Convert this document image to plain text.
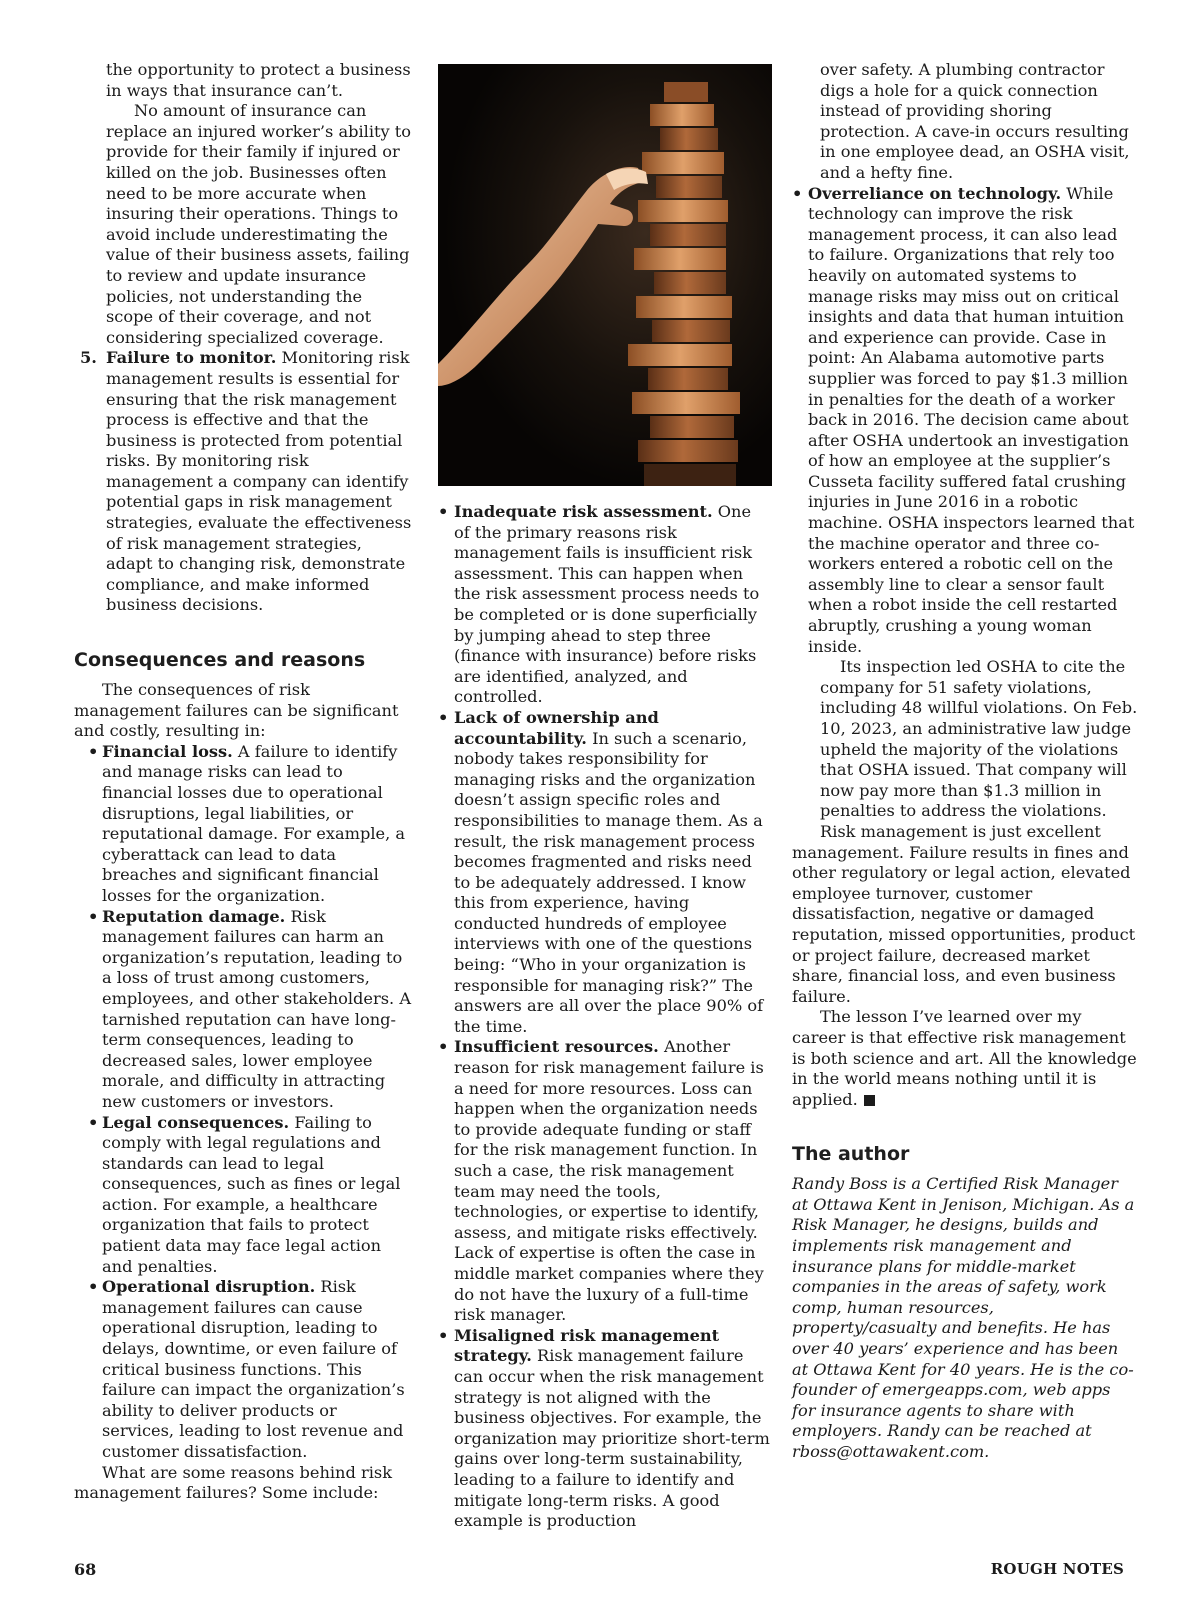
the opportunity to protect a business in ways that insurance can’t.

No amount of insurance can replace an injured worker’s ability to provide for their family if injured or killed on the job. Businesses often need to be more accurate when insuring their operations. Things to avoid include underestimating the value of their business assets, failing to review and update insurance policies, not understanding the scope of their coverage, and not considering specialized coverage.

5. Failure to monitor. Monitoring risk management results is essential for ensuring that the risk management process is effective and that the business is protected from potential risks. By monitoring risk management a company can identify potential gaps in risk management strategies, evaluate the effectiveness of risk management strategies, adapt to changing risk, demonstrate compliance, and make informed business decisions.
Consequences and reasons

The consequences of risk management failures can be significant and costly, resulting in:

• Financial loss. A failure to identify and manage risks can lead to financial losses due to operational disruptions, legal liabilities, or reputational damage. For example, a cyberattack can lead to data breaches and significant financial losses for the organization.
• Reputation damage. Risk management failures can harm an organization’s reputation, leading to a loss of trust among customers, employees, and other stakeholders. A tarnished reputation can have long-term consequences, leading to decreased sales, lower employee morale, and difficulty in attracting new customers or investors.
• Legal consequences. Failing to comply with legal regulations and standards can lead to legal consequences, such as fines or legal action. For example, a healthcare organization that fails to protect patient data may face legal action and penalties.
• Operational disruption. Risk management failures can cause operational disruption, leading to delays, downtime, or even failure of critical business functions. This failure can impact the organization’s ability to deliver products or services, leading to lost revenue and customer dissatisfaction.

What are some reasons behind risk management failures? Some include:

• Inadequate risk assessment. One of the primary reasons risk management fails is insufficient risk assessment. This can happen when the risk assessment process needs to be completed or is done superficially by jumping ahead to step three (finance with insurance) before risks are identified, analyzed, and controlled.
• Lack of ownership and accountability. In such a scenario, nobody takes responsibility for managing risks and the organization doesn’t assign specific roles and responsibilities to manage them. As a result, the risk management process becomes fragmented and risks need to be adequately addressed. I know this from experience, having conducted hundreds of employee interviews with one of the questions being: “Who in your organization is responsible for managing risk?” The answers are all over the place 90% of the time.
• Insufficient resources. Another reason for risk management failure is a need for more resources. Loss can happen when the organization needs to provide adequate funding or staff for the risk management function. In such a case, the risk management team may need the tools, technologies, or expertise to identify, assess, and mitigate risks effectively. Lack of expertise is often the case in middle market companies where they do not have the luxury of a full-time risk manager.
• Misaligned risk management strategy. Risk management failure can occur when the risk management strategy is not aligned with the business objectives. For example, the organization may prioritize short-term gains over long-term sustainability, leading to a failure to identify and mitigate long-term risks. A good example is production

over safety. A plumbing contractor digs a hole for a quick connection instead of providing shoring protection. A cave-in occurs resulting in one employee dead, an OSHA visit, and a hefty fine.

• Overreliance on technology. While technology can improve the risk management process, it can also lead to failure. Organizations that rely too heavily on automated systems to manage risks may miss out on critical insights and data that human intuition and experience can provide. Case in point: An Alabama automotive parts supplier was forced to pay $1.3 million in penalties for the death of a worker back in 2016. The decision came about after OSHA undertook an investigation of how an employee at the supplier’s Cusseta facility suffered fatal crushing injuries in June 2016 in a robotic machine. OSHA inspectors learned that the machine operator and three co-workers entered a robotic cell on the assembly line to clear a sensor fault when a robot inside the cell restarted abruptly, crushing a young woman inside.

Its inspection led OSHA to cite the company for 51 safety violations, including 48 willful violations. On Feb. 10, 2023, an administrative law judge upheld the majority of the violations that OSHA issued. That company will now pay more than $1.3 million in penalties to address the violations.

Risk management is just excellent management. Failure results in fines and other regulatory or legal action, elevated employee turnover, customer dissatisfaction, negative or damaged reputation, missed opportunities, product or project failure, decreased market share, financial loss, and even business failure.

The lesson I’ve learned over my career is that effective risk management is both science and art. All the knowledge in the world means nothing until it is applied.

The author

Randy Boss is a Certified Risk Manager at Ottawa Kent in Jenison, Michigan. As a Risk Manager, he designs, builds and implements risk management and insurance plans for middle-market companies in the areas of safety, work comp, human resources, property/casualty and benefits. He has over 40 years’ experience and has been at Ottawa Kent for 40 years. He is the co-founder of emergeapps.com, web apps for insurance agents to share with employers. Randy can be reached at rboss@ottawakent.com.

68	ROUGH NOTES
